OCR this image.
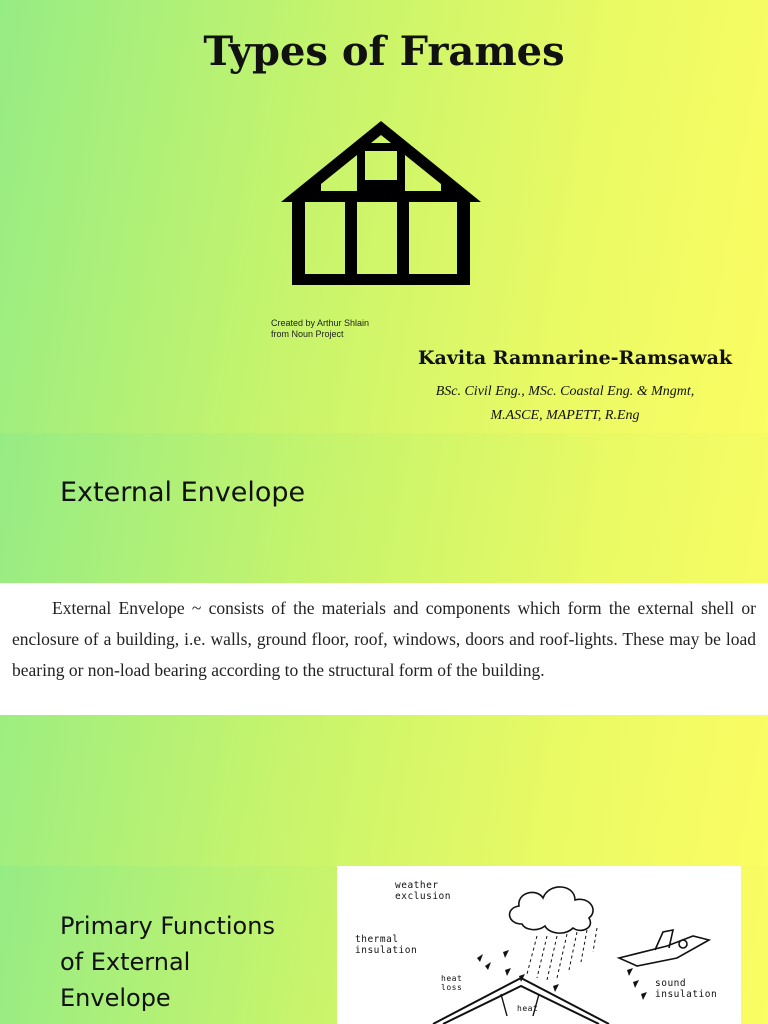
Types of Frames
Created by Arthur Shlain
from Noun Project
Kavita Ramnarine-Ramsawak
BSc. Civil Eng., MSc. Coastal Eng. & Mngmt,
M.ASCE, MAPETT, R.Eng
External Envelope

External Envelope ~ consists of the materials and components which form the external shell or enclosure of a building, i.e. walls, ground floor, roof, windows, doors and roof-lights. These may be load bearing or non-load bearing according to the structural form of the building.

Primary Functions
of External
Envelope
weather
exclusion
thermal
insulation
heat
loss	sound
insulation
heat
